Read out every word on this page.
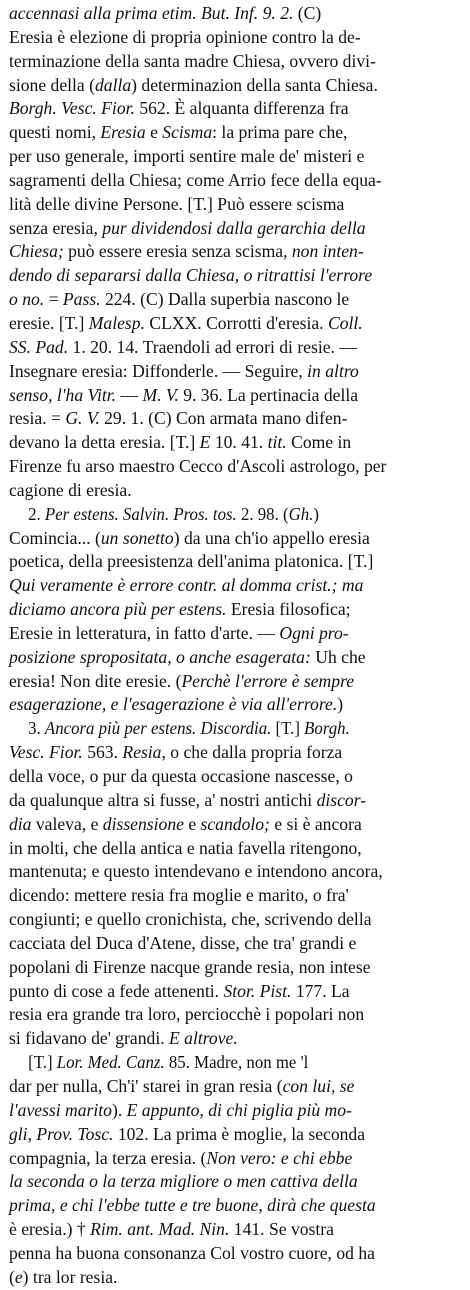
accennasi alla prima etim. But. Inf. 9. 2. (C)
Eresia è elezione di propria opinione contro la de-
terminazione della santa madre Chiesa, ovvero divi-
sione della (dalla) determinazion della santa Chiesa.
Borgh. Vesc. Fior. 562. È alquanta differenza fra
questi nomi, Eresia e Scisma: la prima pare che,
per uso generale, importi sentire male de' misteri e
sagramenti della Chiesa; come Arrio fece della equa-
lità delle divine Persone. [T.] Può essere scisma
senza eresia, pur dividendosi dalla gerarchia della
Chiesa; può essere eresia senza scisma, non inten-
dendo di separarsi dalla Chiesa, o ritrattisi l'errore
o no. = Pass. 224. (C) Dalla superbia nascono le
eresie. [T.] Malesp. CLXX. Corrotti d'eresia. Coll.
SS. Pad. 1. 20. 14. Traendoli ad errori di resie. —
Insegnare eresia: Diffonderle. — Seguire, in altro
senso, l'ha Vitr. — M. V. 9. 36. La pertinacia della
resia. = G. V. 29. 1. (C) Con armata mano difen-
devano la detta eresia. [T.] E 10. 41. tit. Come in
Firenze fu arso maestro Cecco d'Ascoli astrologo, per
cagione di eresia.
2. Per estens. Salvin. Pros. tos. 2. 98. (Gh.)
Comincia... (un sonetto) da una ch'io appello eresia
poetica, della preesistenza dell'anima platonica. [T.]
Qui veramente è errore contr. al domma crist.; ma
diciamo ancora più per estens. Eresia filosofica;
Eresie in letteratura, in fatto d'arte. — Ogni pro-
posizione spropositata, o anche esagerata: Uh che
eresia! Non dite eresie. (Perchè l'errore è sempre
esagerazione, e l'esagerazione è via all'errore.)
3. Ancora più per estens. Discordia. [T.] Borgh.
Vesc. Fior. 563. Resia, o che dalla propria forza
della voce, o pur da questa occasione nascesse, o
da qualunque altra si fusse, a' nostri antichi discor-
dia valeva, e dissensione e scandolo; e si è ancora
in molti, che della antica e natia favella ritengono,
mantenuta; e questo intendevano e intendono ancora,
dicendo: mettere resia fra moglie e marito, o fra'
congiunti; e quello cronichista, che, scrivendo della
cacciata del Duca d'Atene, disse, che tra' grandi e
popolani di Firenze nacque grande resia, non intese
punto di cose a fede attenenti. Stor. Pist. 177. La
resia era grande tra loro, perciocchè i popolari non
si fidavano de' grandi. E altrove.
[T.] Lor. Med. Canz. 85. Madre, non me 'l
dar per nulla, Ch'i' starei in gran resia (con lui, se
l'avessi marito). E appunto, di chi piglia più mo-
gli, Prov. Tosc. 102. La prima è moglie, la seconda
compagnia, la terza eresia. (Non vero: e chi ebbe
la seconda o la terza migliore o men cattiva della
prima, e chi l'ebbe tutte e tre buone, dirà che questa
è eresia.) † Rim. ant. Mad. Nin. 141. Se vostra
penna ha buona consonanza Col vostro cuore, od ha
(e) tra lor resia.
